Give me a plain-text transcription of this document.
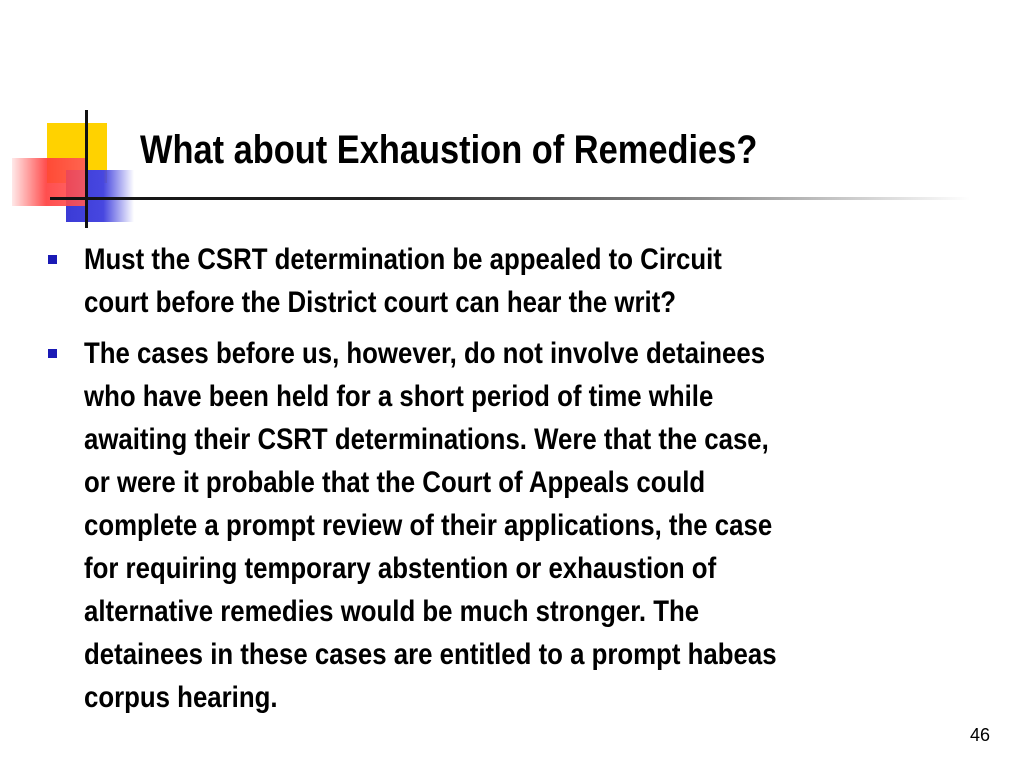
What about Exhaustion of Remedies?
Must the CSRT determination be appealed to Circuit
court before the District court can hear the writ?
The cases before us, however, do not involve detainees
who have been held for a short period of time while
awaiting their CSRT determinations. Were that the case,
or were it probable that the Court of Appeals could
complete a prompt review of their applications, the case
for requiring temporary abstention or exhaustion of
alternative remedies would be much stronger. The
detainees in these cases are entitled to a prompt habeas
corpus hearing.
46
